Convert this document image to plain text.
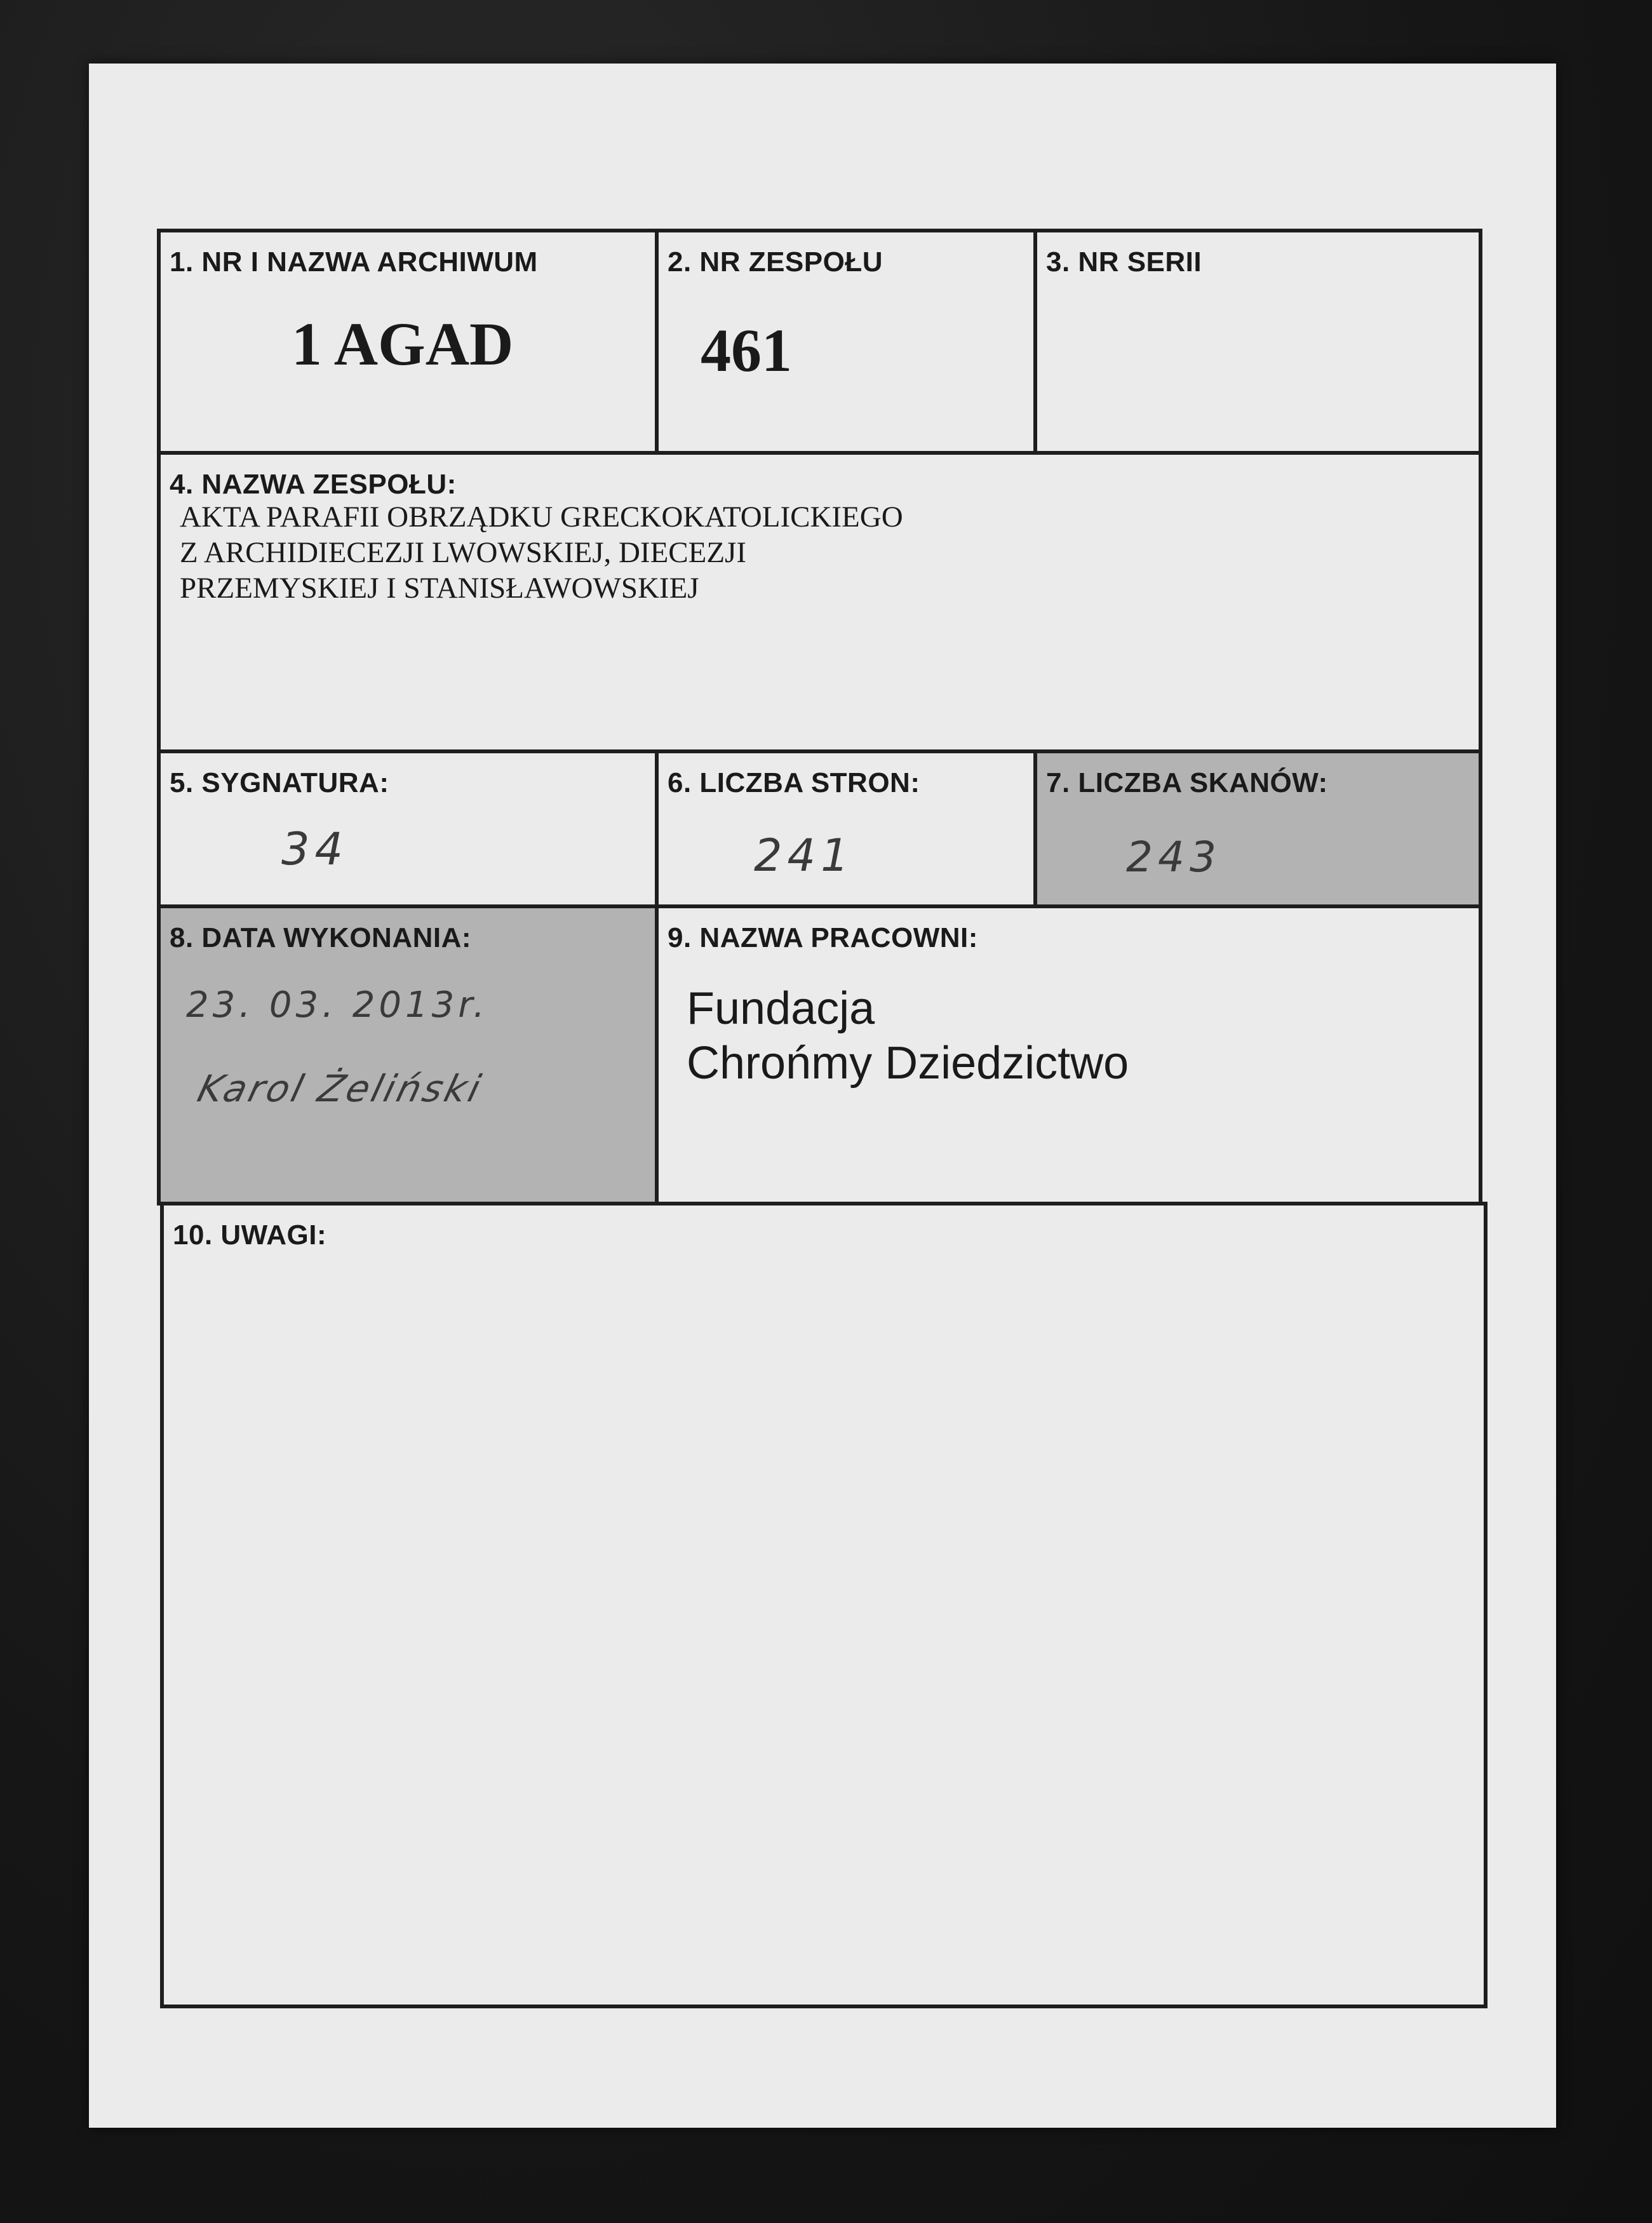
1. NR I NAZWA ARCHIWUM
1 AGAD
2. NR ZESPOŁU
461
3. NR SERII
4. NAZWA ZESPOŁU:
AKTA PARAFII OBRZĄDKU GRECKOKATOLICKIEGO
Z ARCHIDIECEZJI LWOWSKIEJ, DIECEZJI
PRZEMYSKIEJ I STANISŁAWOWSKIEJ
5. SYGNATURA:
34
6. LICZBA STRON:
241
7. LICZBA SKANÓW:
243
8. DATA WYKONANIA:
23. 03. 2013r.
Karol Żeliński
9. NAZWA PRACOWNI:
Fundacja
Chrońmy Dziedzictwo
10. UWAGI:
